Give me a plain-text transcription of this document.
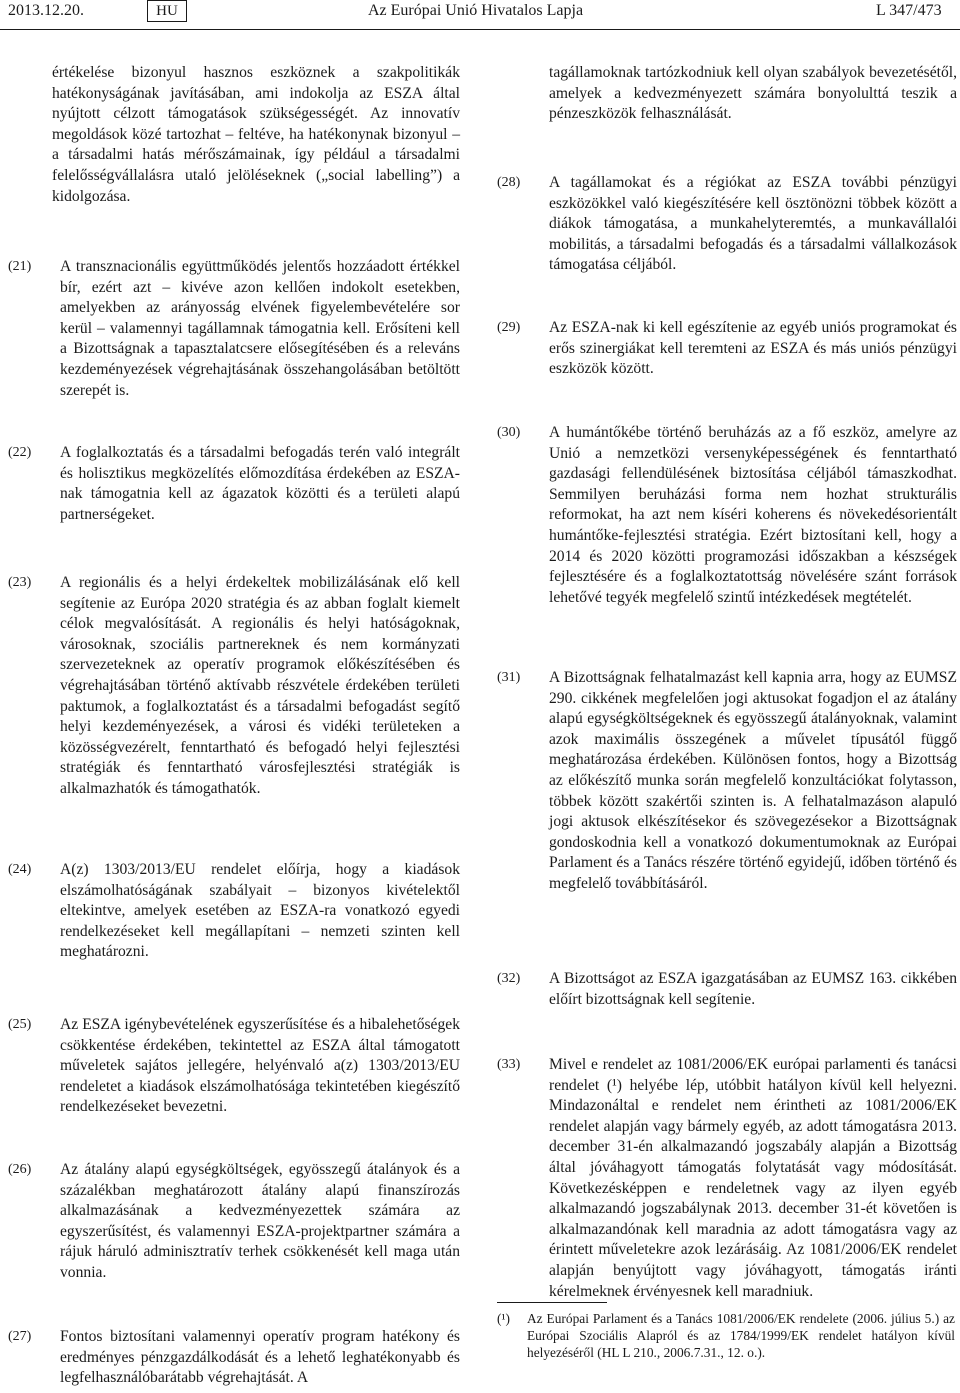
2013.12.20.	HU	Az Európai Unió Hivatalos Lapja	L 347/473

értékelése bizonyul hasznos eszköznek a szakpolitikák hatékonyságának javításában, ami indokolja az ESZA által nyújtott célzott támogatások szükségességét. Az innovatív megoldások közé tartozhat – feltéve, ha hatékonynak bizonyul – a társadalmi hatás mérőszámainak, így például a társadalmi felelősségvállalásra utaló jelöléseknek („social labelling”) a kidolgozása.

(21) A transznacionális együttműködés jelentős hozzáadott értékkel bír, ezért azt – kivéve azon kellően indokolt esetekben, amelyekben az arányosság elvének figyelembevételére sor kerül – valamennyi tagállamnak támogatnia kell. Erősíteni kell a Bizottságnak a tapasztalatcsere elősegítésében és a releváns kezdeményezések végrehajtásának összehangolásában betöltött szerepét is.

(22) A foglalkoztatás és a társadalmi befogadás terén való integrált és holisztikus megközelítés előmozdítása érdekében az ESZA-nak támogatnia kell az ágazatok közötti és a területi alapú partnerségeket.

(23) A regionális és a helyi érdekeltek mobilizálásának elő kell segítenie az Európa 2020 stratégia és az abban foglalt kiemelt célok megvalósítását. A regionális és helyi hatóságoknak, városoknak, szociális partnereknek és nem kormányzati szervezeteknek az operatív programok előkészítésében és végrehajtásában történő aktívabb részvétele érdekében területi paktumok, a foglalkoztatást és a társadalmi befogadást segítő helyi kezdeményezések, a városi és vidéki területeken a közösségvezérelt, fenntartható és befogadó helyi fejlesztési stratégiák és fenntartható városfejlesztési stratégiák is alkalmazhatók és támogathatók.

(24) A(z) 1303/2013/EU rendelet előírja, hogy a kiadások elszámolhatóságának szabályait – bizonyos kivételektől eltekintve, amelyek esetében az ESZA-ra vonatkozó egyedi rendelkezéseket kell megállapítani – nemzeti szinten kell meghatározni.

(25) Az ESZA igénybevételének egyszerűsítése és a hibalehetőségek csökkentése érdekében, tekintettel az ESZA által támogatott műveletek sajátos jellegére, helyénvaló a(z) 1303/2013/EU rendeletet a kiadások elszámolhatósága tekintetében kiegészítő rendelkezéseket bevezetni.

(26) Az átalány alapú egységköltségek, egyösszegű átalányok és a százalékban meghatározott átalány alapú finanszírozás alkalmazásának a kedvezményezettek számára az egyszerűsítést, és valamennyi ESZA-projektpartner számára a rájuk háruló adminisztratív terhek csökkenését kell maga után vonnia.

(27) Fontos biztosítani valamennyi operatív program hatékony és eredményes pénzgazdálkodását és a lehető leghatékonyabb és legfelhasználóbarátabb végrehajtását. A

tagállamoknak tartózkodniuk kell olyan szabályok bevezetésétől, amelyek a kedvezményezett számára bonyolulttá teszik a pénzeszközök felhasználását.

(28) A tagállamokat és a régiókat az ESZA további pénzügyi eszközökkel való kiegészítésére kell ösztönözni többek között a diákok támogatása, a munkahelyteremtés, a munkavállalói mobilitás, a társadalmi befogadás és a társadalmi vállalkozások támogatása céljából.

(29) Az ESZA-nak ki kell egészítenie az egyéb uniós programokat és erős szinergiákat kell teremteni az ESZA és más uniós pénzügyi eszközök között.

(30) A humántőkébe történő beruházás az a fő eszköz, amelyre az Unió a nemzetközi versenyképességének és fenntartható gazdasági fellendülésének biztosítása céljából támaszkodhat. Semmilyen beruházási forma nem hozhat strukturális reformokat, ha azt nem kíséri koherens és növekedésorientált humántőke-fejlesztési stratégia. Ezért biztosítani kell, hogy a 2014 és 2020 közötti programozási időszakban a készségek fejlesztésére és a foglalkoztatottság növelésére szánt források lehetővé tegyék megfelelő szintű intézkedések megtételét.

(31) A Bizottságnak felhatalmazást kell kapnia arra, hogy az EUMSZ 290. cikkének megfelelően jogi aktusokat fogadjon el az átalány alapú egységköltségeknek és egyösszegű átalányoknak, valamint azok maximális összegének a művelet típusától függő meghatározása érdekében. Különösen fontos, hogy a Bizottság az előkészítő munka során megfelelő konzultációkat folytasson, többek között szakértői szinten is. A felhatalmazáson alapuló jogi aktusok elkészítésekor és szövegezésekor a Bizottságnak gondoskodnia kell a vonatkozó dokumentumoknak az Európai Parlament és a Tanács részére történő egyidejű, időben történő és megfelelő továbbításáról.

(32) A Bizottságot az ESZA igazgatásában az EUMSZ 163. cikkében előírt bizottságnak kell segítenie.

(33) Mivel e rendelet az 1081/2006/EK európai parlamenti és tanácsi rendelet (¹) helyébe lép, utóbbit hatályon kívül kell helyezni. Mindazonáltal e rendelet nem érintheti az 1081/2006/EK rendelet alapján vagy bármely egyéb, az adott támogatásra 2013. december 31-én alkalmazandó jogszabály alapján a Bizottság által jóváhagyott támogatás folytatását vagy módosítását. Következésképpen e rendeletnek vagy az ilyen egyéb alkalmazandó jogszabálynak 2013. december 31-ét követően is alkalmazandónak kell maradnia az adott támogatásra vagy az érintett műveletekre azok lezárásáig. Az 1081/2006/EK rendelet alapján benyújtott vagy jóváhagyott, támogatás iránti kérelmeknek érvényesnek kell maradniuk.

(¹) Az Európai Parlament és a Tanács 1081/2006/EK rendelete (2006. július 5.) az Európai Szociális Alapról és az 1784/1999/EK rendelet hatályon kívül helyezéséről (HL L 210., 2006.7.31., 12. o.).
